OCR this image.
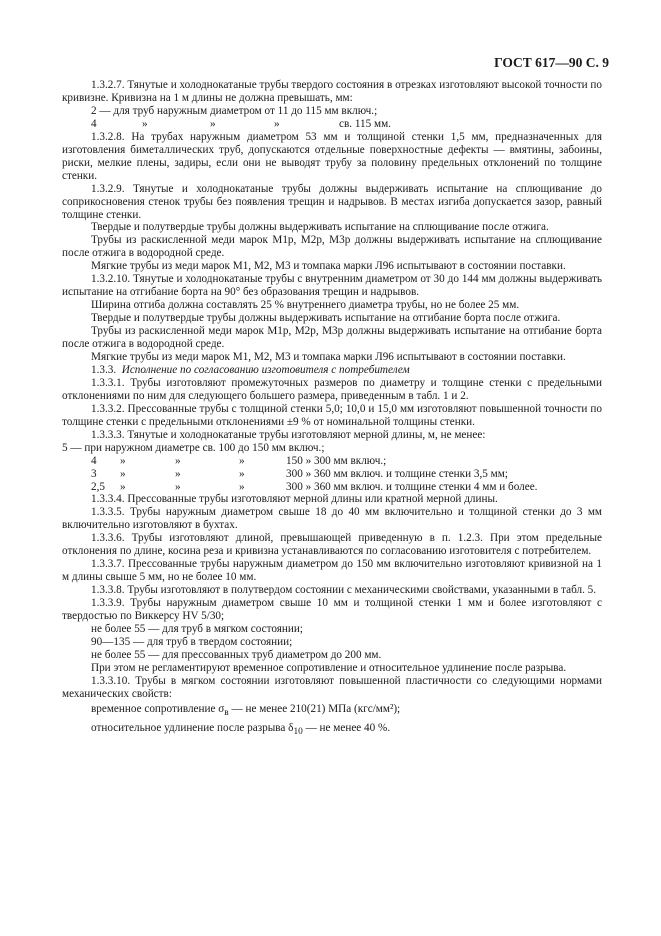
ГОСТ 617—90 С. 9

1.3.2.7. Тянутые и холоднокатаные трубы твердого состояния в отрезках изготовляют высокой точности по кривизне. Кривизна на 1 м длины не должна превышать, мм:

2 — для труб наружным диаметром от 11 до 115 мм включ.;

4	»	»	»	св. 115 мм.

1.3.2.8. На трубах наружным диаметром 53 мм и толщиной стенки 1,5 мм, предназначенных для изготовления биметаллических труб, допускаются отдельные поверхностные дефекты — вмятины, забоины, риски, мелкие плены, задиры, если они не выводят трубу за половину предельных отклонений по толщине стенки.

1.3.2.9. Тянутые и холоднокатаные трубы должны выдерживать испытание на сплющивание до соприкосновения стенок трубы без появления трещин и надрывов. В местах изгиба допускается зазор, равный толщине стенки.

Твердые и полутвердые трубы должны выдерживать испытание на сплющивание после отжига.

Трубы из раскисленной меди марок М1р, М2р, М3р должны выдерживать испытание на сплющивание после отжига в водородной среде.

Мягкие трубы из меди марок М1, М2, М3 и томпака марки Л96 испытывают в состоянии поставки.

1.3.2.10. Тянутые и холоднокатаные трубы с внутренним диаметром от 30 до 144 мм должны выдерживать испытание на отгибание борта на 90° без образования трещин и надрывов.

Ширина отгиба должна составлять 25 % внутреннего диаметра трубы, но не более 25 мм.

Твердые и полутвердые трубы должны выдерживать испытание на отгибание борта после отжига.

Трубы из раскисленной меди марок М1р, М2р, М3р должны выдерживать испытание на отгибание борта после отжига в водородной среде.

Мягкие трубы из меди марок М1, М2, М3 и томпака марки Л96 испытывают в состоянии поставки.

1.3.3. Исполнение по согласованию изготовителя с потребителем

1.3.3.1. Трубы изготовляют промежуточных размеров по диаметру и толщине стенки с предельными отклонениями по ним для следующего большего размера, приведенным в табл. 1 и 2.

1.3.3.2. Прессованные трубы с толщиной стенки 5,0; 10,0 и 15,0 мм изготовляют повышенной точности по толщине стенки с предельными отклонениями ±9 % от номинальной толщины стенки.

1.3.3.3. Тянутые и холоднокатаные трубы изготовляют мерной длины, м, не менее:

5 — при наружном диаметре св. 100 до 150 мм включ.;

4 »	»	»	150 » 300 мм включ.;
3 »	»	»	300 » 360 мм включ. и толщине стенки 3,5 мм;
2,5 »	»	»	300 » 360 мм включ. и толщине стенки 4 мм и более.

1.3.3.4. Прессованные трубы изготовляют мерной длины или кратной мерной длины.

1.3.3.5. Трубы наружным диаметром свыше 18 до 40 мм включительно и толщиной стенки до 3 мм включительно изготовляют в бухтах.

1.3.3.6. Трубы изготовляют длиной, превышающей приведенную в п. 1.2.3. При этом предельные отклонения по длине, косина реза и кривизна устанавливаются по согласованию изготовителя с потребителем.

1.3.3.7. Прессованные трубы наружным диаметром до 150 мм включительно изготовляют кривизной на 1 м длины свыше 5 мм, но не более 10 мм.

1.3.3.8. Трубы изготовляют в полутвердом состоянии с механическими свойствами, указанными в табл. 5.

1.3.3.9. Трубы наружным диаметром свыше 10 мм и толщиной стенки 1 мм и более изготовляют с твердостью по Виккерсу HV 5/30;

не более 55 — для труб в мягком состоянии;

90—135 — для труб в твердом состоянии;

не более 55 — для прессованных труб диаметром до 200 мм.

При этом не регламентируют временное сопротивление и относительное удлинение после разрыва.

1.3.3.10. Трубы в мягком состоянии изготовляют повышенной пластичности со следующими нормами механических свойств:

временное сопротивление $\sigma_в$ — не менее 210(21) МПа (кгс/мм²);

относительное удлинение после разрыва $\delta_{10}$ — не менее 40 %.
